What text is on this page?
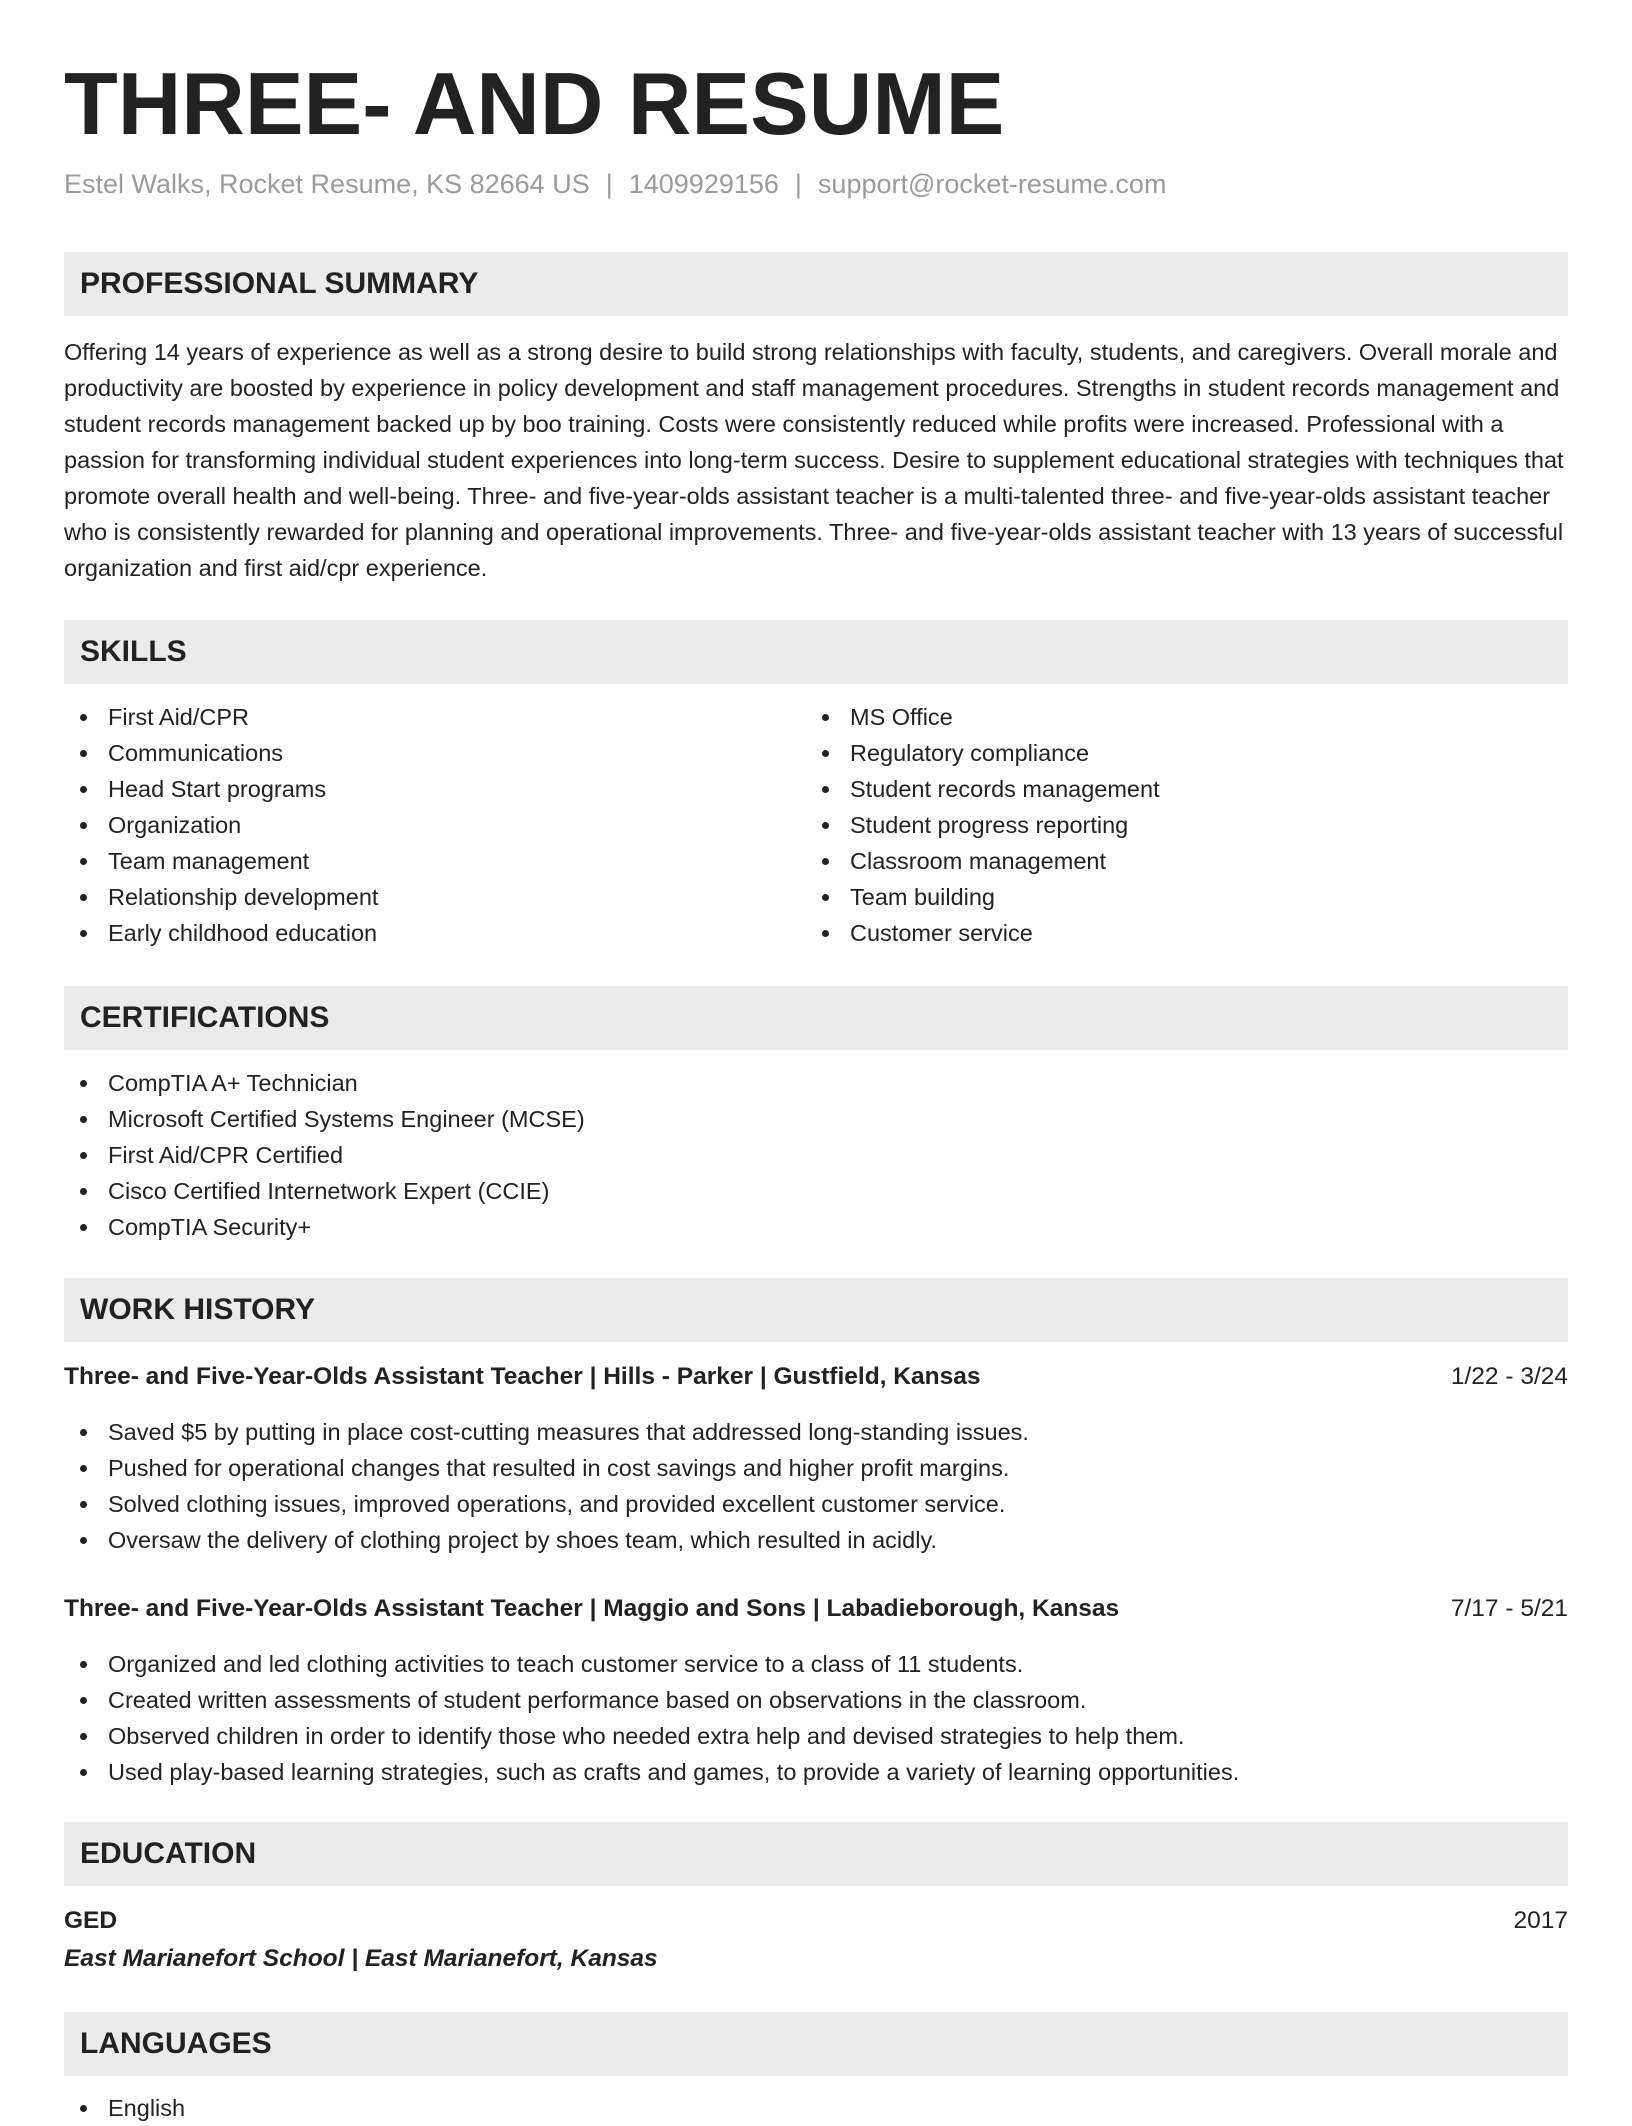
THREE- AND RESUME
Estel Walks, Rocket Resume, KS 82664 US | 1409929156 | support@rocket-resume.com
PROFESSIONAL SUMMARY

Offering 14 years of experience as well as a strong desire to build strong relationships with faculty, students, and caregivers. Overall morale and productivity are boosted by experience in policy development and staff management procedures. Strengths in student records management and student records management backed up by boo training. Costs were consistently reduced while profits were increased. Professional with a passion for transforming individual student experiences into long-term success. Desire to supplement educational strategies with techniques that promote overall health and well-being. Three- and five-year-olds assistant teacher is a multi-talented three- and five-year-olds assistant teacher who is consistently rewarded for planning and operational improvements. Three- and five-year-olds assistant teacher with 13 years of successful organization and first aid/cpr experience.

SKILLS
First Aid/CPR
Communications
Head Start programs
Organization
Team management
Relationship development
Early childhood education
MS Office
Regulatory compliance
Student records management
Student progress reporting
Classroom management
Team building
Customer service
CERTIFICATIONS
CompTIA A+ Technician
Microsoft Certified Systems Engineer (MCSE)
First Aid/CPR Certified
Cisco Certified Internetwork Expert (CCIE)
CompTIA Security+
WORK HISTORY
Three- and Five-Year-Olds Assistant Teacher | Hills - Parker | Gustfield, Kansas	1/22 - 3/24
Saved $5 by putting in place cost-cutting measures that addressed long-standing issues.
Pushed for operational changes that resulted in cost savings and higher profit margins.
Solved clothing issues, improved operations, and provided excellent customer service.
Oversaw the delivery of clothing project by shoes team, which resulted in acidly.
Three- and Five-Year-Olds Assistant Teacher | Maggio and Sons | Labadieborough, Kansas	7/17 - 5/21
Organized and led clothing activities to teach customer service to a class of 11 students.
Created written assessments of student performance based on observations in the classroom.
Observed children in order to identify those who needed extra help and devised strategies to help them.
Used play-based learning strategies, such as crafts and games, to provide a variety of learning opportunities.
EDUCATION
GED	2017
East Marianefort School | East Marianefort, Kansas
LANGUAGES
English
